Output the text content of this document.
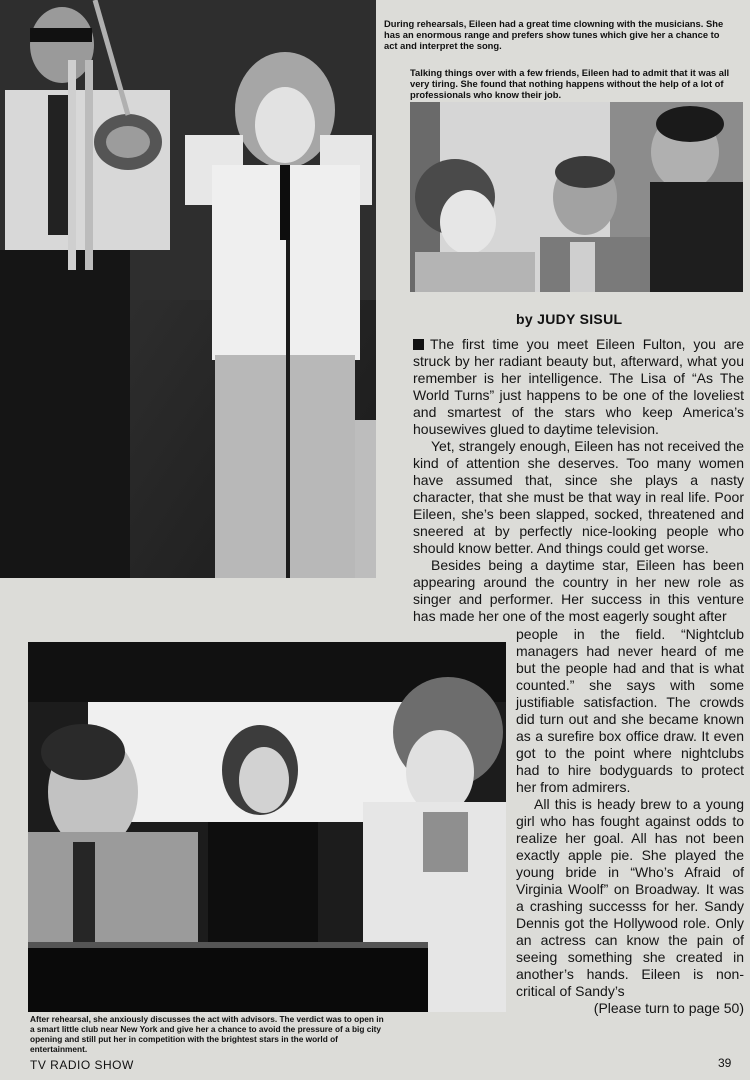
During rehearsals, Eileen had a great time clowning with the musicians. She has an enormous range and prefers show tunes which give her a chance to act and interpret the song.
Talking things over with a few friends, Eileen had to admit that it was all very tiring. She found that nothing happens without the help of a lot of professionals who know their job.
by JUDY SISUL

The first time you meet Eileen Fulton, you are struck by her radiant beauty but, afterward, what you remember is her intelligence. The Lisa of “As The World Turns” just happens to be one of the loveliest and smartest of the stars who keep America’s housewives glued to daytime television.

Yet, strangely enough, Eileen has not received the kind of attention she deserves. Too many women have assumed that, since she plays a nasty character, that she must be that way in real life. Poor Eileen, she’s been slapped, socked, threatened and sneered at by perfectly nice-looking people who should know better. And things could get worse.

Besides being a daytime star, Eileen has been appearing around the country in her new role as singer and performer. Her success in this venture has made her one of the most eagerly sought after

people in the field. “Nightclub managers had never heard of me but the people had and that is what counted.” she says with some justifiable satisfaction. The crowds did turn out and she became known as a surefire box office draw. It even got to the point where nightclubs had to hire bodyguards to protect her from admirers.

All this is heady brew to a young girl who has fought against odds to realize her goal. All has not been exactly apple pie. She played the young bride in “Who’s Afraid of Virginia Woolf” on Broadway. It was a crashing successs for her. Sandy Dennis got the Hollywood role. Only an actress can know the pain of seeing something she created in another’s hands. Eileen is non-critical of Sandy’s

(Please turn to page 50)

After rehearsal, she anxiously discusses the act with advisors. The verdict was to open in a smart little club near New York and give her a chance to avoid the pressure of a big city opening and still put her in competition with the brightest stars in the world of entertainment.
TV RADIO SHOW	39
